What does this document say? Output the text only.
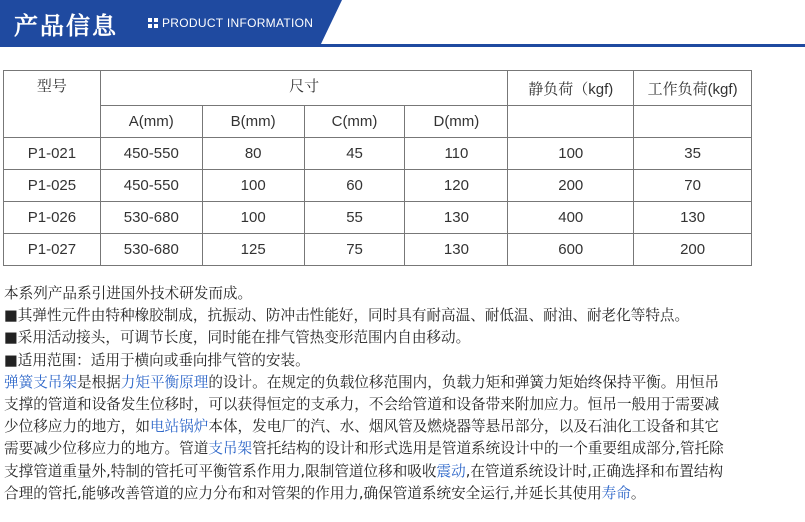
产品信息	PRODUCT INFORMATION
型号	尺寸				静负荷（kgf)	工作负荷(kgf)
	A(mm)	B(mm)	C(mm)	D(mm)		
P1-021	450-550	80	45	110	100	35
P1-025	450-550	100	60	120	200	70
P1-026	530-680	100	55	130	400	130
P1-027	530-680	125	75	130	600	200

本系列产品系引进国外技术研发而成。

■其弹性元件由特种橡胶制成，抗振动、防冲击性能好，同时具有耐高温、耐低温、耐油、耐老化等特点。

■采用活动接头，可调节长度，同时能在排气管热变形范围内自由移动。

■适用范围：适用于横向或垂向排气管的安装。

弹簧支吊架是根据力矩平衡原理的设计。在规定的负载位移范围内，负载力矩和弹簧力矩始终保持平衡。用恒吊

支撑的管道和设备发生位移时，可以获得恒定的支承力，不会给管道和设备带来附加应力。恒吊一般用于需要减

少位移应力的地方，如电站锅炉本体，发电厂的汽、水、烟风管及燃烧器等悬吊部分，以及石油化工设备和其它

需要减少位移应力的地方。管道支吊架管托结构的设计和形式选用是管道系统设计中的一个重要组成部分,管托除

支撑管道重量外,特制的管托可平衡管系作用力,限制管道位移和吸收震动,在管道系统设计时,正确选择和布置结构

合理的管托,能够改善管道的应力分布和对管架的作用力,确保管道系统安全运行,并延长其使用寿命。
